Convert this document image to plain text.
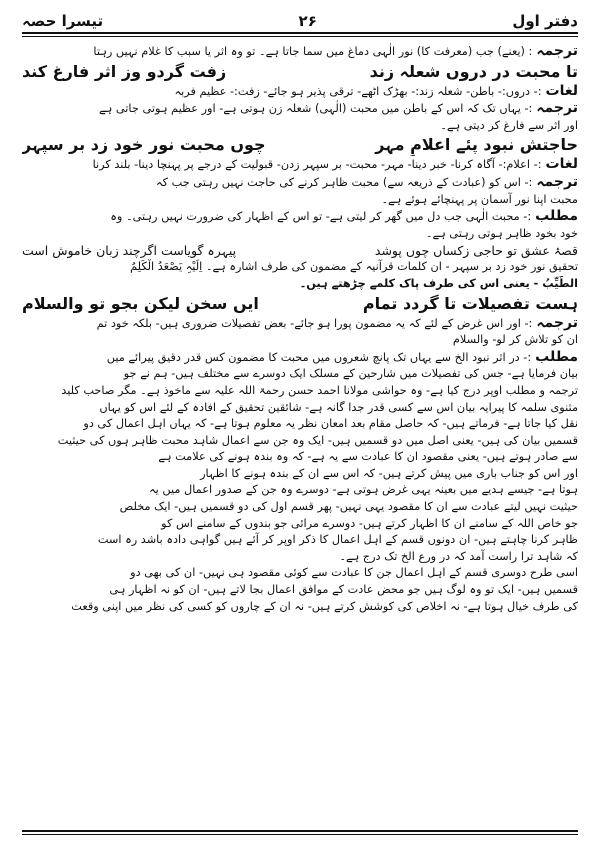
دفتر اول
۲۶
تیسرا حصہ
ترجمہ: (یعنے) جب (معرفت کا) نور الٰہی دماغ میں سما جاتا ہے۔ تو وہ اثر یا سبب کا غلام نہیں رہتا
تا محبت در دروں شعلہ زند
زفت گردو وز اثر فارغ کند
لغات:- دروں:- باطن- شعلہ زند:- بھڑک اٹھے- ترقی پذیر ہو جائے- زفت:- عظیم فربہ
ترجمہ:- یہاں تک کہ اس کے باطن میں محبت (الٰہی) شعلہ زن ہوتی ہے- اور عظیم ہوتی جاتی ہے
اور اثر سے فارغ کر دیتی ہے۔
حاجتش نبود پئے اعلامِ مہر
چوں محبت نور خود زد بر سپہر
لغات:- اعلام:- آگاہ کرنا- خبر دینا- مہر- محبت- بر سپہر زدن- قبولیت کے درجے پر پہنچا دینا- بلند کرنا
ترجمہ:- اس کو (عبادت کے ذریعہ سے) محبت ظاہر کرنے کی حاجت نہیں رہتی جب کہ
محبت اپنا نور آسمان پر پہنچائے ہوئے ہے۔
مطلب:- محبت الٰہی جب دل میں گھر کر لیتی ہے- تو اس کے اظہار کی ضرورت نہیں رہتی۔ وہ
خود بخود ظاہر ہوتی رہتی ہے۔
قصۂ عشق تو حاجی زکساں چوں پوشد
پیہرہ گویاست اگرچند زبان خاموش است
تحقیق نور خود زد بر سپہر - ان کلمات قرآنیہ کے مضمون کی طرف اشارہ ہے۔ اِلَیْہِ یَصْعَدُ الْکَلِمُ
الطَّیِّبُ - یعنی اس کی طرف پاک کلمے چڑھتے ہیں۔
ہست تفصیلات تا گردد تمام
ایں سخن لیکن بجو تو والسلام
ترجمہ:- اور اس غرض کے لئے کہ یہ مضمون پورا ہو جائے- بعض تفصیلات ضروری ہیں- بلکہ خود تم
ان کو تلاش کر لو- والسلام
مطلب:- در اثر نبود الخ سے یہاں تک پانچ شعروں میں محبت کا مضمون کس قدر دقیق پیرائے میں
بیان فرمایا ہے- جس کی تفصیلات میں شارحین کے مسلک ایک دوسرے سے مختلف ہیں- ہم نے جو
ترجمہ و مطلب اوپر درج کیا ہے- وہ حواشی مولانا احمد حسن رحمۃ اللہ علیہ سے ماخوذ ہے۔ مگر صاحب کلید
مثنوی سلمہ کا پیرایہ بیان اس سے کسی قدر جدا گانہ ہے- شائقین تحقیق کے افادہ کے لئے اس کو یہاں
نقل کیا جاتا ہے- فرماتے ہیں- کہ حاصل مقام بعد امعان نظر یہ معلوم ہوتا ہے- کہ یہاں اہل اعمال کی دو
قسمیں بیان کی ہیں- یعنی اصل میں دو قسمیں ہیں- ایک وہ جن سے اعمال شاہد محبت ظاہر ہوں کی حیثیت
سے صادر ہوتے ہیں- یعنی مقصود ان کا عبادت سے یہ ہے- کہ وہ بندہ ہونے کی علامت ہے
اور اس کو جناب باری میں پیش کرتے ہیں- کہ اس سے ان کے بندہ ہونے کا اظہار
ہوتا ہے- جیسے ہدیے میں بعینہ یہی غرض ہوتی ہے- دوسرے وہ جن کے صدور اعمال میں یہ
حیثیت نہیں لیتے عبادت سے ان کا مقصود یہی نہیں- پھر قسم اول کی دو قسمیں ہیں- ایک مخلص
جو خاص اللہ کے سامنے ان کا اظہار کرتے ہیں- دوسرے مرائی جو بندوں کے سامنے اس کو
ظاہر کرنا چاہتے ہیں- ان دونوں قسم کے اہل اعمال کا ذکر اوپر کر آئے ہیں گواہی دادہ باشد رہ است
کہ شاہد ترا راست آمد کہ در ورع الخ تک درج ہے۔
اسی طرح دوسری قسم کے اہل اعمال جن کا عبادت سے کوئی مقصود ہی نہیں- ان کی بھی دو
قسمیں ہیں- ایک تو وہ لوگ ہیں جو محض عادت کے موافق اعمال بجا لاتے ہیں- ان کو نہ اظہار ہی
کی طرف خیال ہوتا ہے- نہ اخلاص کی کوشش کرتے ہیں- نہ ان کے چاروں کو کسی کی نظر میں اپنی وقعت
